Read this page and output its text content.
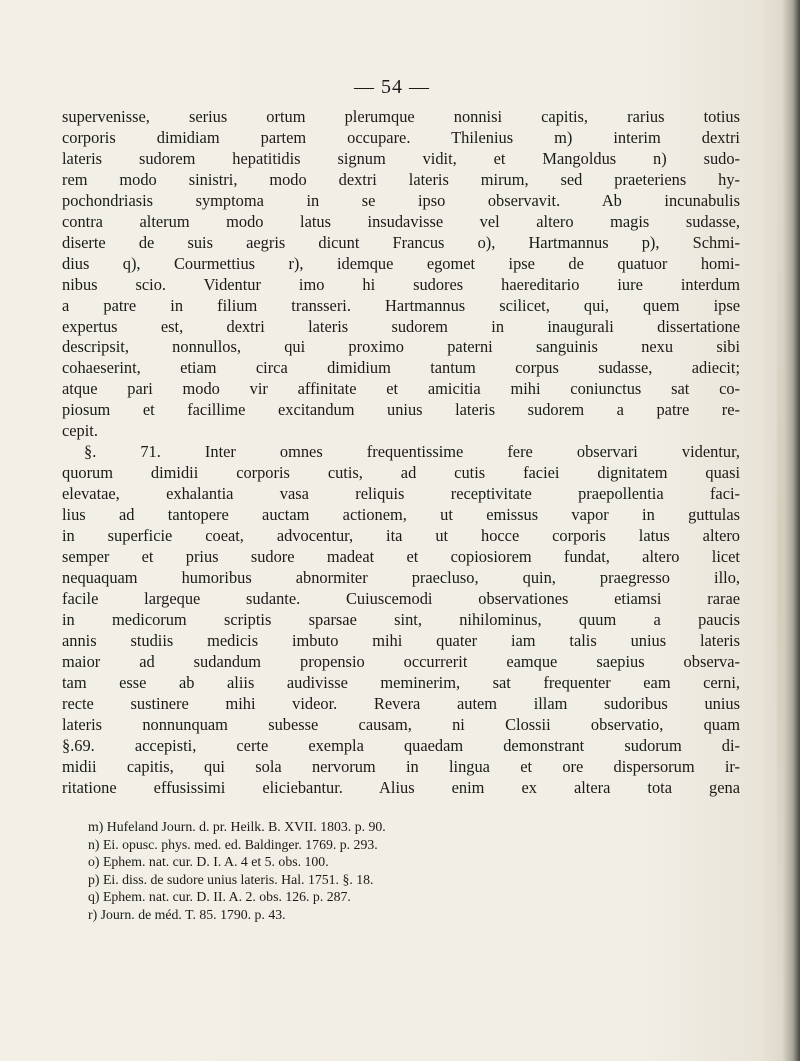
— 54 —
supervenisse, serius ortum plerumque nonnisi capitis, rarius totius
corporis dimidiam partem occupare. Thilenius m) interim dextri
lateris sudorem hepatitidis signum vidit, et Mangoldus n) sudo-
rem modo sinistri, modo dextri lateris mirum, sed praeteriens hy-
pochondriasis symptoma in se ipso observavit. Ab incunabulis
contra alterum modo latus insudavisse vel altero magis sudasse,
diserte de suis aegris dicunt Francus o), Hartmannus p), Schmi-
dius q), Courmettius r), idemque egomet ipse de quatuor homi-
nibus scio. Videntur imo hi sudores haereditario iure interdum
a patre in filium transseri. Hartmannus scilicet, qui, quem ipse
expertus est, dextri lateris sudorem in inaugurali dissertatione
descripsit, nonnullos, qui proximo paterni sanguinis nexu sibi
cohaeserint, etiam circa dimidium tantum corpus sudasse, adiecit;
atque pari modo vir affinitate et amicitia mihi coniunctus sat co-
piosum et facillime excitandum unius lateris sudorem a patre re-
cepit.
§. 71. Inter omnes frequentissime fere observari videntur,
quorum dimidii corporis cutis, ad cutis faciei dignitatem quasi
elevatae, exhalantia vasa reliquis receptivitate praepollentia faci-
lius ad tantopere auctam actionem, ut emissus vapor in guttulas
in superficie coeat, advocentur, ita ut hocce corporis latus altero
semper et prius sudore madeat et copiosiorem fundat, altero licet
nequaquam humoribus abnormiter praecluso, quin, praegresso illo,
facile largeque sudante. Cuiuscemodi observationes etiamsi rarae
in medicorum scriptis sparsae sint, nihilominus, quum a paucis
annis studiis medicis imbuto mihi quater iam talis unius lateris
maior ad sudandum propensio occurrerit eamque saepius observa-
tam esse ab aliis audivisse meminerim, sat frequenter eam cerni,
recte sustinere mihi videor. Revera autem illam sudoribus unius
lateris nonnunquam subesse causam, ni Clossii observatio, quam
§.69. accepisti, certe exempla quaedam demonstrant sudorum di-
midii capitis, qui sola nervorum in lingua et ore dispersorum ir-
ritatione effusissimi eliciebantur. Alius enim ex altera tota gena
m) Hufeland Journ. d. pr. Heilk. B. XVII. 1803. p. 90.
n) Ei. opusc. phys. med. ed. Baldinger. 1769. p. 293.
o) Ephem. nat. cur. D. I. A. 4 et 5. obs. 100.
p) Ei. diss. de sudore unius lateris. Hal. 1751. §. 18.
q) Ephem. nat. cur. D. II. A. 2. obs. 126. p. 287.
r) Journ. de méd. T. 85. 1790. p. 43.
